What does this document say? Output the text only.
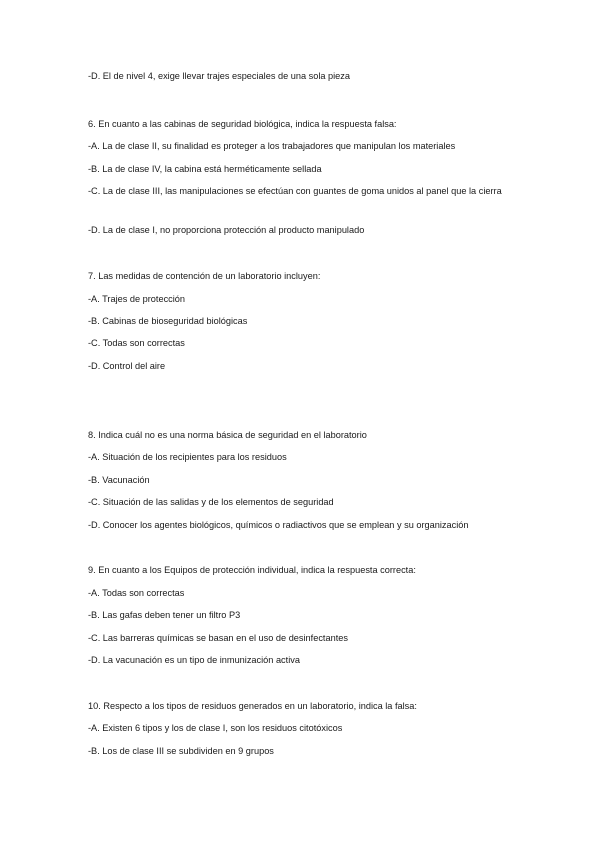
-D. El de nivel 4, exige llevar trajes especiales de una sola pieza
6. En cuanto a las cabinas de seguridad biológica, indica la respuesta falsa:
-A. La de clase II, su finalidad es proteger a los trabajadores que manipulan los materiales
-B. La de clase IV, la cabina está herméticamente sellada
-C. La de clase III, las manipulaciones se efectúan con guantes de goma unidos al panel que la cierra
-D. La de clase I, no proporciona protección al producto manipulado
7. Las medidas de contención de un laboratorio incluyen:
-A. Trajes de protección
-B. Cabinas de bioseguridad biológicas
-C. Todas son correctas
-D. Control del aire
8. Indica cuál no es una norma básica de seguridad en el laboratorio
-A. Situación de los recipientes para los residuos
-B. Vacunación
-C. Situación de las salidas y de los elementos de seguridad
-D. Conocer los agentes biológicos, químicos o radiactivos que se emplean y su organización
9. En cuanto a los Equipos de protección individual, indica la respuesta correcta:
-A. Todas son correctas
-B. Las gafas deben tener un filtro P3
-C. Las barreras químicas se basan en el uso de desinfectantes
-D. La vacunación es un tipo de inmunización activa
10. Respecto a los tipos de residuos generados en un laboratorio, indica la falsa:
-A. Existen 6 tipos y los de clase I, son los residuos citotóxicos
-B. Los de clase III se subdividen en 9 grupos
